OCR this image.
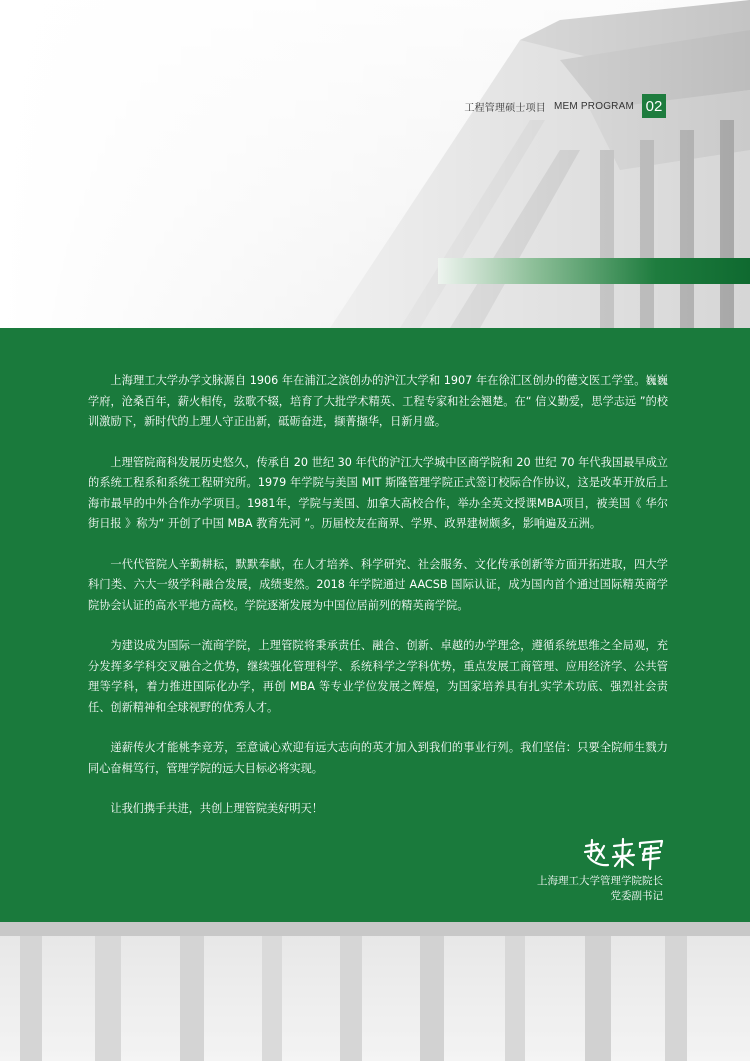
工程管理硕士项目 MEM PROGRAM 02

上海理工大学办学文脉源自 1906 年在浦江之滨创办的沪江大学和 1907 年在徐汇区创办的德文医工学堂。巍巍学府，沧桑百年，薪火相传，弦歌不辍，培育了大批学术精英、工程专家和社会翘楚。在“ 信义勤爱，思学志远 ”的校训激励下，新时代的上理人守正出新，砥砺奋进，撷菁撷华，日新月盛。

上理管院商科发展历史悠久，传承自 20 世纪 30 年代的沪江大学城中区商学院和 20 世纪 70 年代我国最早成立的系统工程系和系统工程研究所。1979 年学院与美国 MIT 斯隆管理学院正式签订校际合作协议，这是改革开放后上海市最早的中外合作办学项目。1981年，学院与美国、加拿大高校合作，举办全英文授课MBA项目，被美国《 华尔街日报 》称为“ 开创了中国 MBA 教育先河 ”。历届校友在商界、学界、政界建树颇多，影响遍及五洲。

一代代管院人辛勤耕耘，默默奉献，在人才培养、科学研究、社会服务、文化传承创新等方面开拓进取，四大学科门类、六大一级学科融合发展，成绩斐然。2018 年学院通过 AACSB 国际认证，成为国内首个通过国际精英商学院协会认证的高水平地方高校。学院逐渐发展为中国位居前列的精英商学院。

为建设成为国际一流商学院，上理管院将秉承责任、融合、创新、卓越的办学理念，遵循系统思维之全局观，充分发挥多学科交叉融合之优势，继续强化管理科学、系统科学之学科优势，重点发展工商管理、应用经济学、公共管理等学科，着力推进国际化办学，再创 MBA 等专业学位发展之辉煌，为国家培养具有扎实学术功底、强烈社会责任、创新精神和全球视野的优秀人才。

递薪传火才能桃李竞芳，至意诚心欢迎有远大志向的英才加入到我们的事业行列。我们坚信：只要全院师生戮力同心奋楫笃行，管理学院的远大目标必将实现。

让我们携手共进，共创上理管院美好明天！

上海理工大学管理学院院长
党委副书记
